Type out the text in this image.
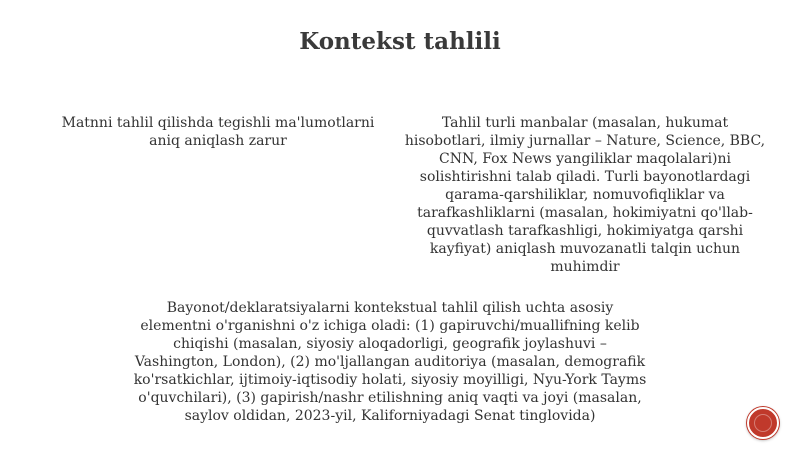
Kontekst tahlili

Matnni tahlil qilishda tegishli ma'lumotlarni aniq aniqlash zarur

Tahlil turli manbalar (masalan, hukumat hisobotlari, ilmiy jurnallar – Nature, Science, BBC, CNN, Fox News yangiliklar maqolalari)ni solishtirishni talab qiladi. Turli bayonotlardagi qarama-qarshiliklar, nomuvofiqliklar va tarafkashliklarni (masalan, hokimiyatni qo'llab-quvvatlash tarafkashligi, hokimiyatga qarshi kayfiyat) aniqlash muvozanatli talqin uchun muhimdir

Bayonot/deklaratsiyalarni kontekstual tahlil qilish uchta asosiy elementni o'rganishni o'z ichiga oladi: (1) gapiruvchi/muallifning kelib chiqishi (masalan, siyosiy aloqadorligi, geografik joylashuvi – Vashington, London), (2) mo'ljallangan auditoriya (masalan, demografik ko'rsatkichlar, ijtimoiy-iqtisodiy holati, siyosiy moyilligi, Nyu-York Tayms o'quvchilari), (3) gapirish/nashr etilishning aniq vaqti va joyi (masalan, saylov oldidan, 2023-yil, Kaliforniyadagi Senat tinglovida)
